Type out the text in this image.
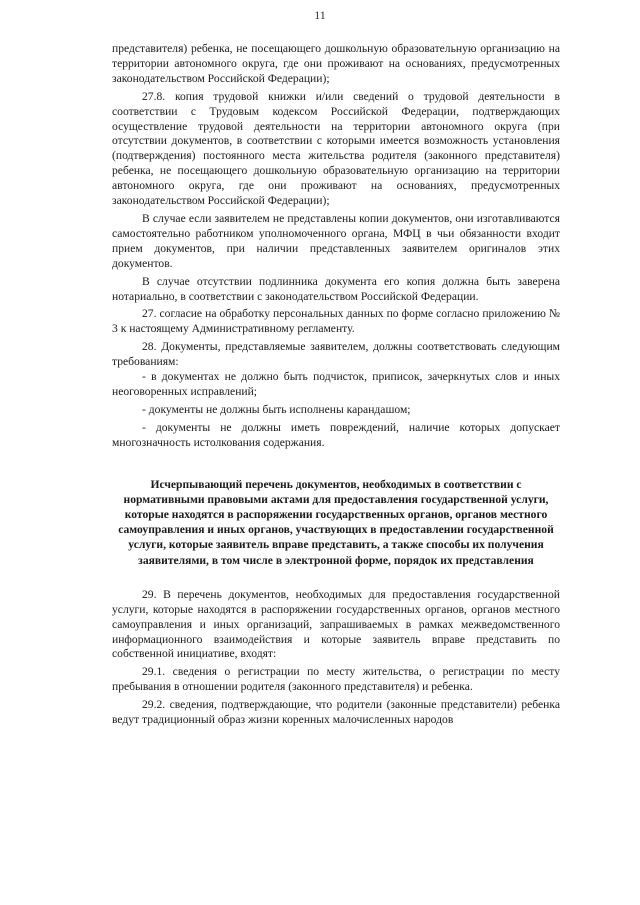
11

представителя) ребенка, не посещающего дошкольную образовательную организацию на территории автономного округа, где они проживают на основаниях, предусмотренных законодательством Российской Федерации);

27.8. копия трудовой книжки и/или сведений о трудовой деятельности в соответствии с Трудовым кодексом Российской Федерации, подтверждающих осуществление трудовой деятельности на территории автономного округа (при отсутствии документов, в соответствии с которыми имеется возможность установления (подтверждения) постоянного места жительства родителя (законного представителя) ребенка, не посещающего дошкольную образовательную организацию на территории автономного округа, где они проживают на основаниях, предусмотренных законодательством Российской Федерации);

В случае если заявителем не представлены копии документов, они изготавливаются самостоятельно работником уполномоченного органа, МФЦ в чьи обязанности входит прием документов, при наличии представленных заявителем оригиналов этих документов.

В случае отсутствии подлинника документа его копия должна быть заверена нотариально, в соответствии с законодательством Российской Федерации.

27. согласие на обработку персональных данных по форме согласно приложению № 3 к настоящему Административному регламенту.

28. Документы, представляемые заявителем, должны соответствовать следующим требованиям:

- в документах не должно быть подчисток, приписок, зачеркнутых слов и иных неоговоренных исправлений;

- документы не должны быть исполнены карандашом;

- документы не должны иметь повреждений, наличие которых допускает многозначность истолкования содержания.

Исчерпывающий перечень документов, необходимых в соответствии с нормативными правовыми актами для предоставления государственной услуги, которые находятся в распоряжении государственных органов, органов местного самоуправления и иных органов, участвующих в предоставлении государственной услуги, которые заявитель вправе представить, а также способы их получения заявителями, в том числе в электронной форме, порядок их представления

29. В перечень документов, необходимых для предоставления государственной услуги, которые находятся в распоряжении государственных органов, органов местного самоуправления и иных организаций, запрашиваемых в рамках межведомственного информационного взаимодействия и которые заявитель вправе представить по собственной инициативе, входят:

29.1. сведения о регистрации по месту жительства, о регистрации по месту пребывания в отношении родителя (законного представителя) и ребенка.

29.2. сведения, подтверждающие, что родители (законные представители) ребенка ведут традиционный образ жизни коренных малочисленных народов
